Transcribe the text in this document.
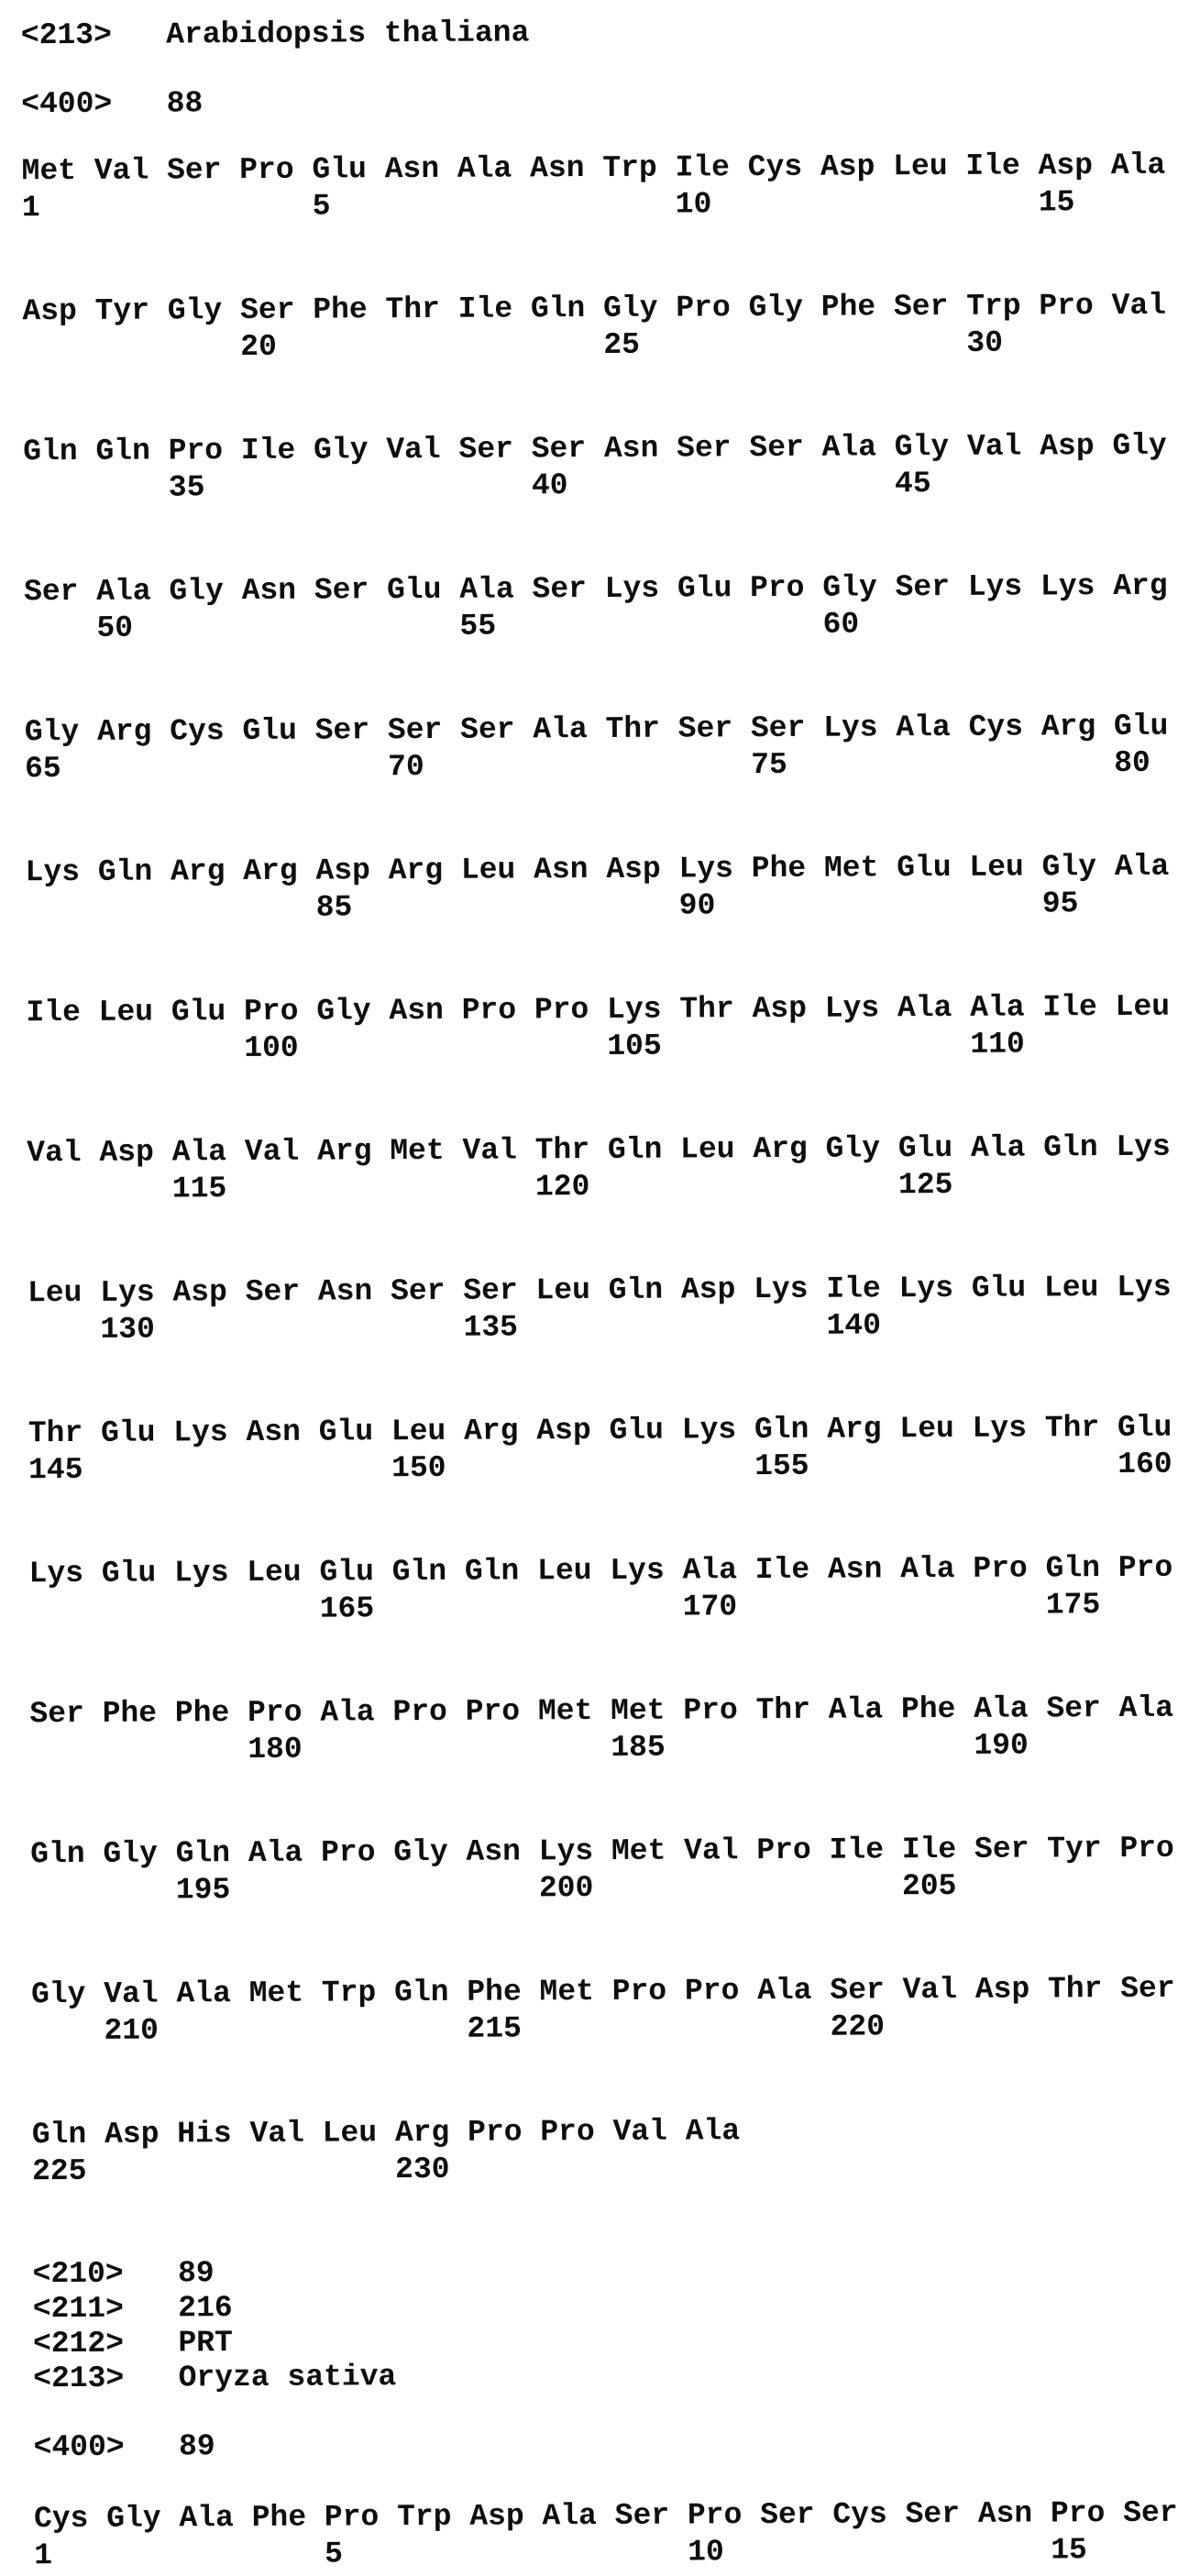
<213> Arabidopsis thaliana
<400> 88
Met Val Ser Pro Glu Asn Ala Asn Trp Ile Cys Asp Leu Ile Asp Ala
1               5                   10                  15
Asp Tyr Gly Ser Phe Thr Ile Gln Gly Pro Gly Phe Ser Trp Pro Val
20                  25                  30
Gln Gln Pro Ile Gly Val Ser Ser Asn Ser Ser Ala Gly Val Asp Gly
35                  40                  45
Ser Ala Gly Asn Ser Glu Ala Ser Lys Glu Pro Gly Ser Lys Lys Arg
50                  55                  60
Gly Arg Cys Glu Ser Ser Ser Ala Thr Ser Ser Lys Ala Cys Arg Glu
65                  70                  75                  80
Lys Gln Arg Arg Asp Arg Leu Asn Asp Lys Phe Met Glu Leu Gly Ala
85                  90                  95
Ile Leu Glu Pro Gly Asn Pro Pro Lys Thr Asp Lys Ala Ala Ile Leu
100                 105                 110
Val Asp Ala Val Arg Met Val Thr Gln Leu Arg Gly Glu Ala Gln Lys
115                 120                 125
Leu Lys Asp Ser Asn Ser Ser Leu Gln Asp Lys Ile Lys Glu Leu Lys
130                 135                 140
Thr Glu Lys Asn Glu Leu Arg Asp Glu Lys Gln Arg Leu Lys Thr Glu
145                 150                 155                 160
Lys Glu Lys Leu Glu Gln Gln Leu Lys Ala Ile Asn Ala Pro Gln Pro
165                 170                 175
Ser Phe Phe Pro Ala Pro Pro Met Met Pro Thr Ala Phe Ala Ser Ala
180                 185                 190
Gln Gly Gln Ala Pro Gly Asn Lys Met Val Pro Ile Ile Ser Tyr Pro
195                 200                 205
Gly Val Ala Met Trp Gln Phe Met Pro Pro Ala Ser Val Asp Thr Ser
210                 215                 220
Gln Asp His Val Leu Arg Pro Pro Val Ala
225                 230
<210> 89
<211> 216
<212> PRT
<213> Oryza sativa
<400> 89
Cys Gly Ala Phe Pro Trp Asp Ala Ser Pro Ser Cys Ser Asn Pro Ser
1               5                   10                  15
